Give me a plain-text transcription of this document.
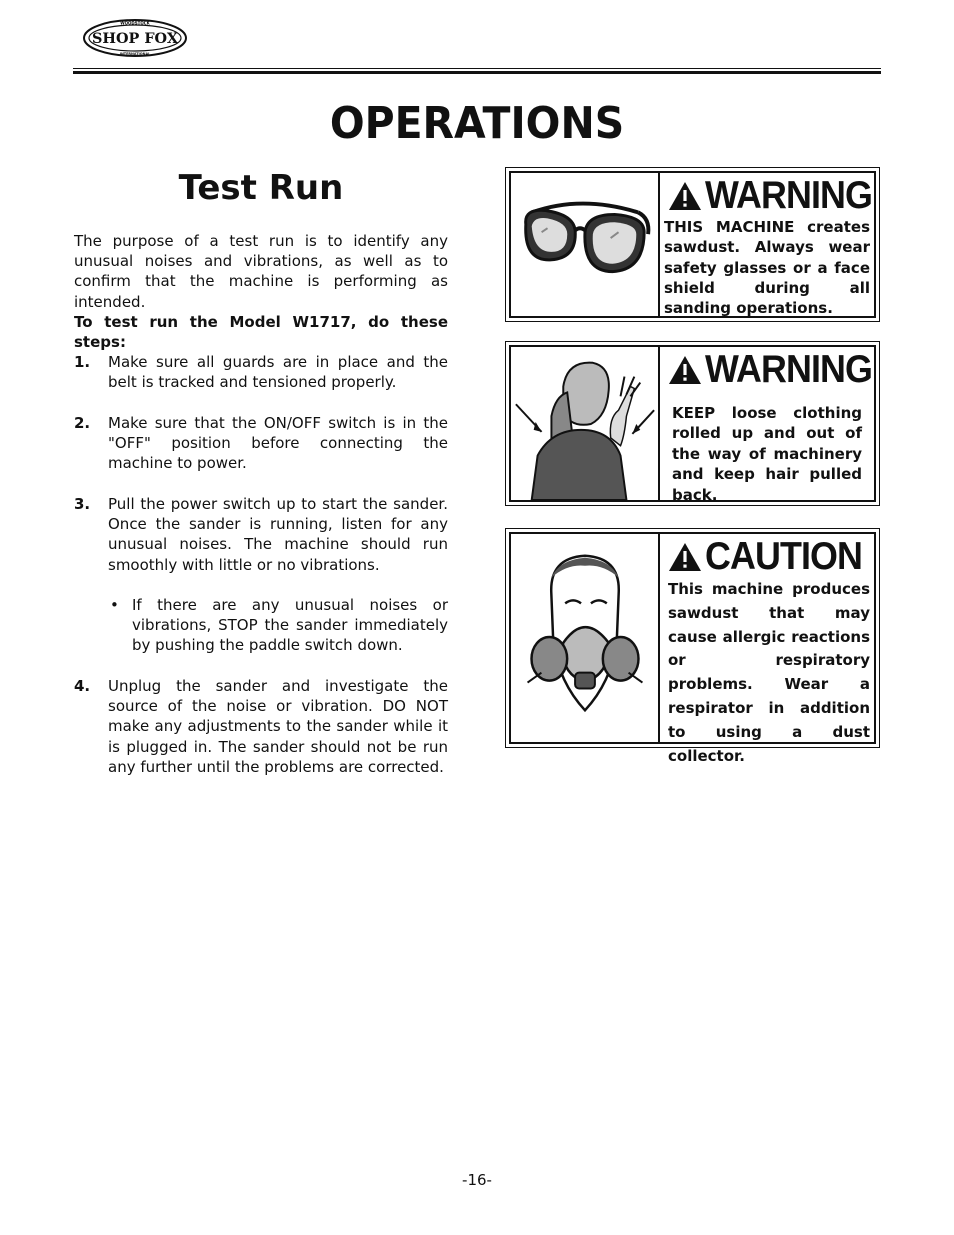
WOODSTOCK
INTERNATIONAL
SHOP FOX
OPERATIONS
Test Run

The purpose of a test run is to identify any unusual noises and vibrations, as well as to confirm that the machine is performing as intended.

To test run the Model W1717, do these steps:

1. Make sure all guards are in place and the belt is tracked and tensioned properly.
2. Make sure that the ON/OFF switch is in the "OFF" position before connecting the machine to power.
3. Pull the power switch up to start the sander. Once the sander is running, listen for any unusual noises. The machine should run smoothly with little or no vibrations.
• If there are any unusual noises or vibrations, STOP the sander immediately by pushing the paddle switch down.
4. Unplug the sander and investigate the source of the noise or vibration. DO NOT make any adjustments to the sander while it is plugged in. The sander should not be run any further until the problems are corrected.
WARNING
THIS MACHINE creates sawdust. Always wear safety glasses or a face shield during all sanding operations.
WARNING
KEEP loose clothing rolled up and out of the way of machinery and keep hair pulled back.
CAUTION
This machine produces sawdust that may cause allergic reactions or respiratory problems. Wear a respirator in addition to using a dust collector.
-16-
